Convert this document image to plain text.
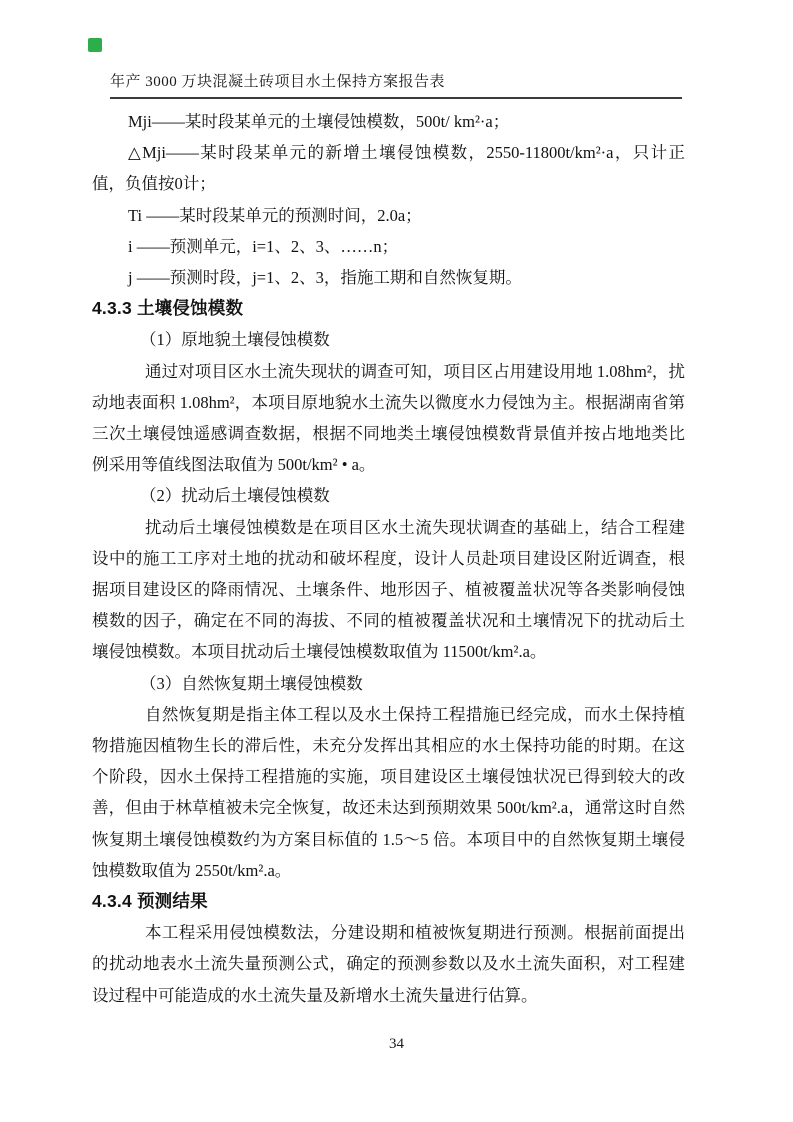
年产 3000 万块混凝土砖项目水土保持方案报告表

Mji——某时段某单元的土壤侵蚀模数，500t/ km²·a；

△Mji——某时段某单元的新增土壤侵蚀模数，2550-11800t/km²·a，只计正值，负值按0计；

Ti ——某时段某单元的预测时间，2.0a；

i ——预测单元，i=1、2、3、……n；

j ——预测时段，j=1、2、3，指施工期和自然恢复期。

4.3.3 土壤侵蚀模数

（1）原地貌土壤侵蚀模数

通过对项目区水土流失现状的调查可知，项目区占用建设用地 1.08hm²，扰动地表面积 1.08hm²，本项目原地貌水土流失以微度水力侵蚀为主。根据湖南省第三次土壤侵蚀遥感调查数据，根据不同地类土壤侵蚀模数背景值并按占地地类比例采用等值线图法取值为 500t/km² • a。

（2）扰动后土壤侵蚀模数

扰动后土壤侵蚀模数是在项目区水土流失现状调查的基础上，结合工程建设中的施工工序对土地的扰动和破坏程度，设计人员赴项目建设区附近调查，根据项目建设区的降雨情况、土壤条件、地形因子、植被覆盖状况等各类影响侵蚀模数的因子，确定在不同的海拔、不同的植被覆盖状况和土壤情况下的扰动后土壤侵蚀模数。本项目扰动后土壤侵蚀模数取值为 11500t/km².a。

（3）自然恢复期土壤侵蚀模数

自然恢复期是指主体工程以及水土保持工程措施已经完成，而水土保持植物措施因植物生长的滞后性，未充分发挥出其相应的水土保持功能的时期。在这个阶段，因水土保持工程措施的实施，项目建设区土壤侵蚀状况已得到较大的改善，但由于林草植被未完全恢复，故还未达到预期效果 500t/km².a，通常这时自然恢复期土壤侵蚀模数约为方案目标值的 1.5～5 倍。本项目中的自然恢复期土壤侵蚀模数取值为 2550t/km².a。

4.3.4 预测结果

本工程采用侵蚀模数法，分建设期和植被恢复期进行预测。根据前面提出的扰动地表水土流失量预测公式，确定的预测参数以及水土流失面积，对工程建设过程中可能造成的水土流失量及新增水土流失量进行估算。

34
